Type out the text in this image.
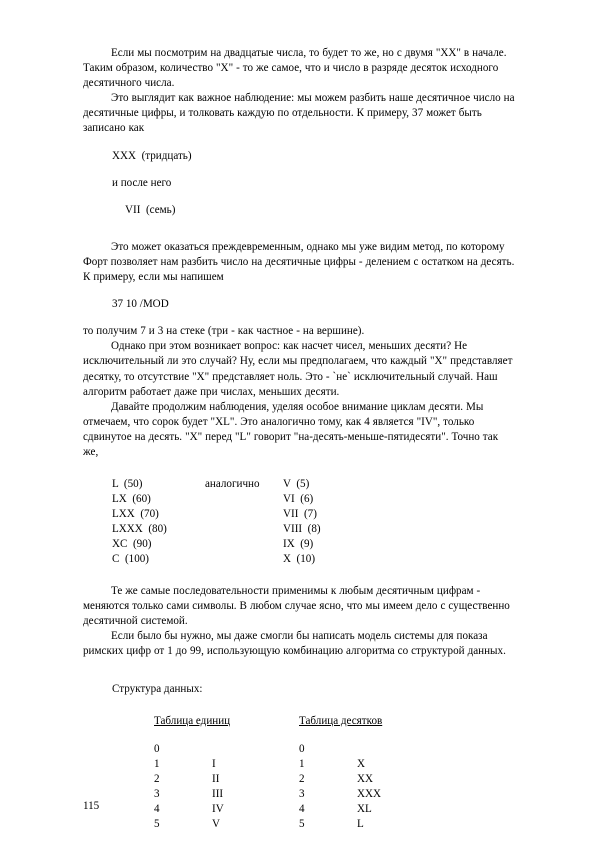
Если мы посмотрим на двадцатые числа, то будет то же, но с двумя "XX" в начале. Таким образом, количество "X" - то же самое, что и число в разряде десяток исходного десятичного числа.

Это выглядит как важное наблюдение: мы можем разбить наше десятичное число на десятичные цифры, и толковать каждую по отдельности. К примеру, 37 может быть записано как

XXX  (тридцать)
и после него
VII  (семь)

Это может оказаться преждевременным, однако мы уже видим метод, по которому Форт позволяет нам разбить число на десятичные цифры - делением с остатком на десять. К примеру, если мы напишем

37 10 /MOD

то получим 7 и 3 на стеке (три - как частное - на вершине).

Однако при этом возникает вопрос: как насчет чисел, меньших десяти? Не исключительный ли это случай? Ну, если мы предполагаем, что каждый "X" представляет десятку, то отсутствие "X" представляет ноль. Это - `не` исключительный случай. Наш алгоритм работает даже при числах, меньших десяти.

Давайте продолжим наблюдения, уделяя особое внимание циклам десяти. Мы отмечаем, что сорок будет "XL". Это аналогично тому, как 4 является "IV", только сдвинутое на десять. "X" перед "L" говорит "на-десять-меньше-пятидесяти". Точно так же,

L  (50)	аналогично	V  (5)
LX  (60)		VI  (6)
LXX  (70)		VII  (7)
LXXX  (80)		VIII  (8)
XC  (90)		IX  (9)
C  (100)		X  (10)

Те же самые последовательности применимы к любым десятичным цифрам - меняются только сами символы. В любом случае ясно, что мы имеем дело с существенно десятичной системой.

Если было бы нужно, мы даже смогли бы написать модель системы для показа римских цифр от 1 до 99, использующую комбинацию алгоритма со структурой данных.

Структура данных:
Таблица единиц
0
1	I
2	II
3	III
4	IV
5	V
Таблица десятков
0
1	X
2	XX
3	XXX
4	XL
5	L
115
